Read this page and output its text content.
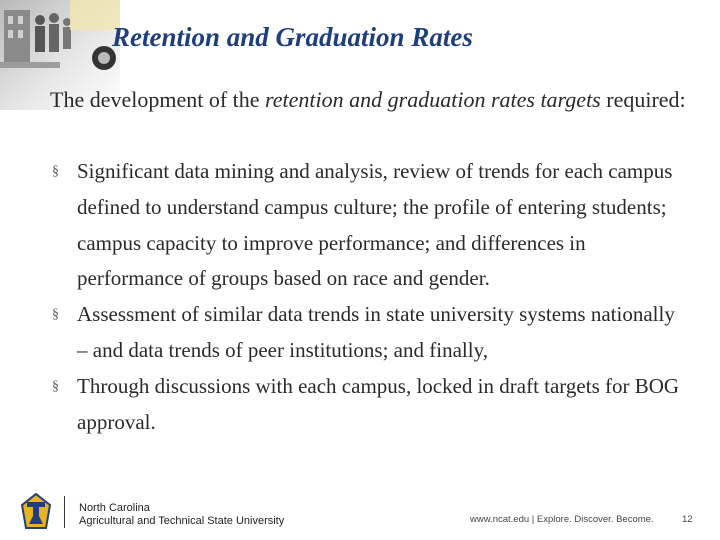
Retention and Graduation Rates
The development of the retention and graduation rates targets required:
§ Significant data mining and analysis, review of trends for each campus defined to understand campus culture; the profile of entering students; campus capacity to improve performance; and differences in performance of groups based on race and gender.
§ Assessment of similar data trends in state university systems nationally – and data trends of peer institutions; and finally,
§ Through discussions with each campus, locked in draft targets for BOG approval.
North Carolina
Agricultural and Technical State University	www.ncat.edu | Explore. Discover. Become.	12
